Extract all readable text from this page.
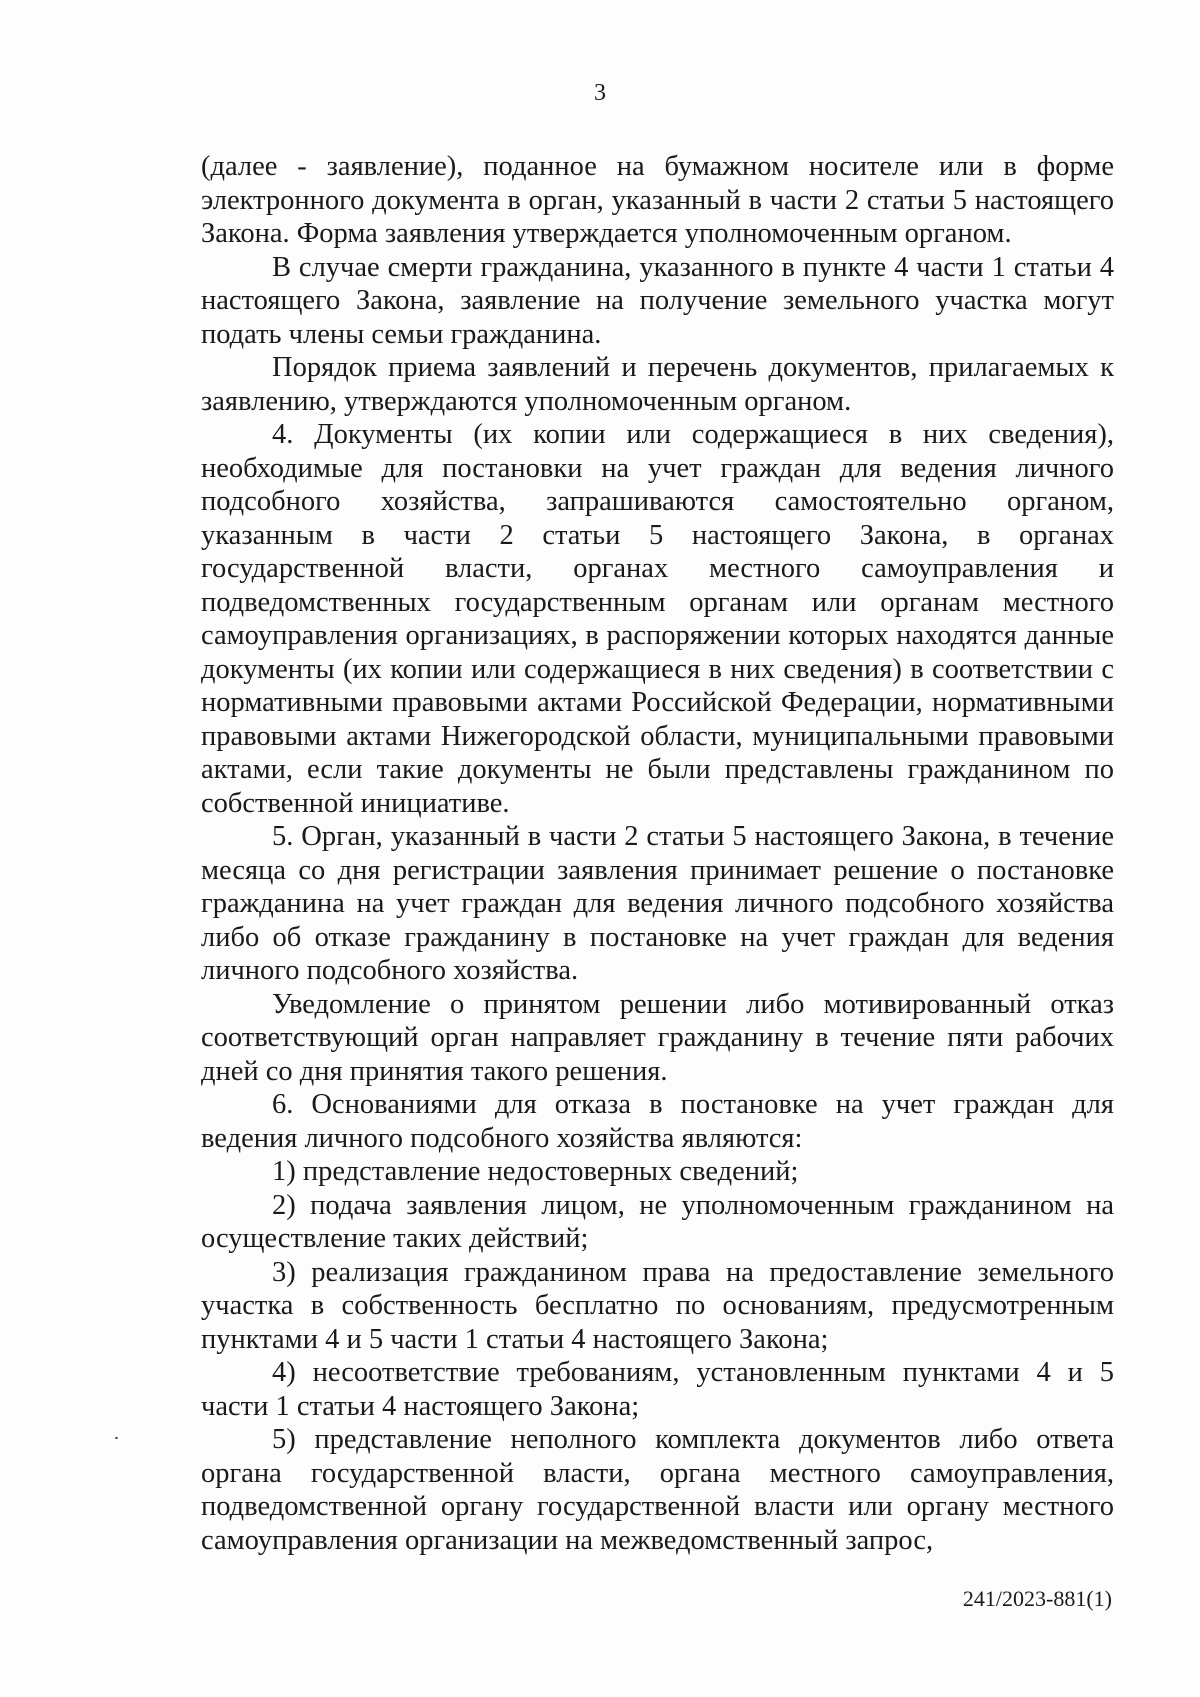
3

(далее - заявление), поданное на бумажном носителе или в форме электронного документа в орган, указанный в части 2 статьи 5 настоящего Закона. Форма заявления утверждается уполномоченным органом.

В случае смерти гражданина, указанного в пункте 4 части 1 статьи 4 настоящего Закона, заявление на получение земельного участка могут подать члены семьи гражданина.

Порядок приема заявлений и перечень документов, прилагаемых к заявлению, утверждаются уполномоченным органом.

4. Документы (их копии или содержащиеся в них сведения), необходимые для постановки на учет граждан для ведения личного подсобного хозяйства, запрашиваются самостоятельно органом, указанным в части 2 статьи 5 настоящего Закона, в органах государственной власти, органах местного самоуправления и подведомственных государственным органам или органам местного самоуправления организациях, в распоряжении которых находятся данные документы (их копии или содержащиеся в них сведения) в соответствии с нормативными правовыми актами Российской Федерации, нормативными правовыми актами Нижегородской области, муниципальными правовыми актами, если такие документы не были представлены гражданином по собственной инициативе.

5. Орган, указанный в части 2 статьи 5 настоящего Закона, в течение месяца со дня регистрации заявления принимает решение о постановке гражданина на учет граждан для ведения личного подсобного хозяйства либо об отказе гражданину в постановке на учет граждан для ведения личного подсобного хозяйства.

Уведомление о принятом решении либо мотивированный отказ соответствующий орган направляет гражданину в течение пяти рабочих дней со дня принятия такого решения.

6. Основаниями для отказа в постановке на учет граждан для ведения личного подсобного хозяйства являются:

1) представление недостоверных сведений;

2) подача заявления лицом, не уполномоченным гражданином на осуществление таких действий;

3) реализация гражданином права на предоставление земельного участка в собственность бесплатно по основаниям, предусмотренным пунктами 4 и 5 части 1 статьи 4 настоящего Закона;

4) несоответствие требованиям, установленным пунктами 4 и 5 части 1 статьи 4 настоящего Закона;

5) представление неполного комплекта документов либо ответа органа государственной власти, органа местного самоуправления, подведомственной органу государственной власти или органу местного самоуправления организации на межведомственный запрос,

241/2023-881(1)
